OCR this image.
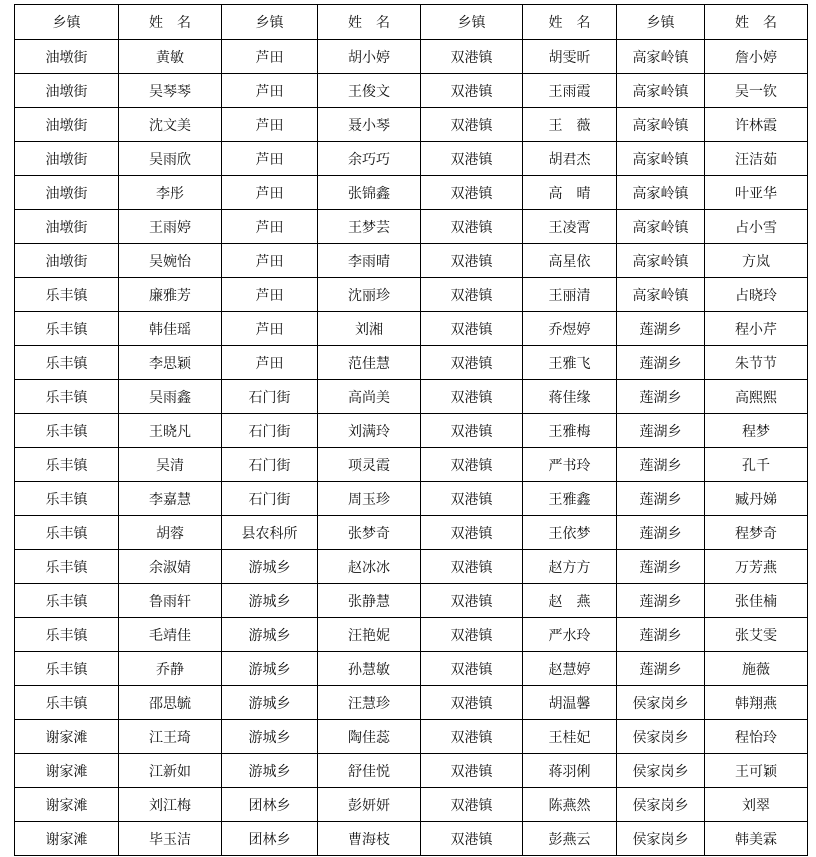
乡镇	姓　名	乡镇	姓　名	乡镇	姓　名	乡镇	姓　名
油墩街	黄敏	芦田	胡小婷	双港镇	胡雯昕	高家岭镇	詹小婷
油墩街	吴琴琴	芦田	王俊文	双港镇	王雨霞	高家岭镇	吴一钦
油墩街	沈文美	芦田	聂小琴	双港镇	王　薇	高家岭镇	许林霞
油墩街	吴雨欣	芦田	余巧巧	双港镇	胡君杰	高家岭镇	汪洁茹
油墩街	李彤	芦田	张锦鑫	双港镇	高　晴	高家岭镇	叶亚华
油墩街	王雨婷	芦田	王梦芸	双港镇	王凌霄	高家岭镇	占小雪
油墩街	吴婉怡	芦田	李雨晴	双港镇	高星依	高家岭镇	方岚
乐丰镇	廉雅芳	芦田	沈丽珍	双港镇	王丽清	高家岭镇	占晓玲
乐丰镇	韩佳瑶	芦田	刘湘	双港镇	乔煜婷	莲湖乡	程小芹
乐丰镇	李思颖	芦田	范佳慧	双港镇	王雅飞	莲湖乡	朱节节
乐丰镇	吴雨鑫	石门街	高尚美	双港镇	蒋佳缘	莲湖乡	高熙熙
乐丰镇	王晓凡	石门街	刘满玲	双港镇	王雅梅	莲湖乡	程梦
乐丰镇	吴清	石门街	项灵霞	双港镇	严书玲	莲湖乡	孔千
乐丰镇	李嘉慧	石门街	周玉珍	双港镇	王雅鑫	莲湖乡	臧丹娣
乐丰镇	胡蓉	县农科所	张梦奇	双港镇	王依梦	莲湖乡	程梦奇
乐丰镇	余淑婧	游城乡	赵冰冰	双港镇	赵方方	莲湖乡	万芳燕
乐丰镇	鲁雨轩	游城乡	张静慧	双港镇	赵　燕	莲湖乡	张佳楠
乐丰镇	毛靖佳	游城乡	汪艳妮	双港镇	严水玲	莲湖乡	张艾雯
乐丰镇	乔静	游城乡	孙慧敏	双港镇	赵慧婷	莲湖乡	施薇
乐丰镇	邵思毓	游城乡	汪慧珍	双港镇	胡温馨	侯家岗乡	韩翔燕
谢家滩	江王琦	游城乡	陶佳蕊	双港镇	王桂妃	侯家岗乡	程怡玲
谢家滩	江新如	游城乡	舒佳悦	双港镇	蒋羽俐	侯家岗乡	王可颖
谢家滩	刘江梅	团林乡	彭妍妍	双港镇	陈燕然	侯家岗乡	刘翠
谢家滩	毕玉洁	团林乡	曹海枝	双港镇	彭燕云	侯家岗乡	韩美霖
